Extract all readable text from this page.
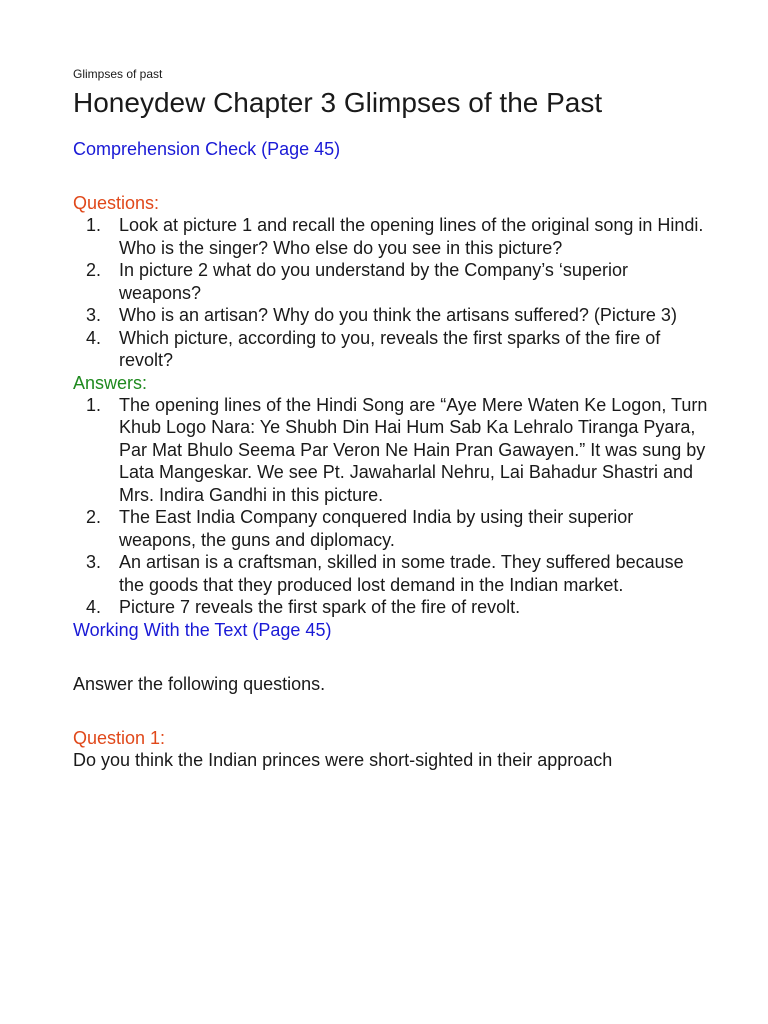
Glimpses of past

Honeydew Chapter 3 Glimpses of the Past

Comprehension Check (Page 45)

Questions:

1. Look at picture 1 and recall the opening lines of the original song in Hindi. Who is the singer? Who else do you see in this picture?
2. In picture 2 what do you understand by the Company’s ‘superior weapons?
3. Who is an artisan? Why do you think the artisans suffered? (Picture 3)
4. Which picture, according to you, reveals the first sparks of the fire of revolt?

Answers:

1. The opening lines of the Hindi Song are “Aye Mere Waten Ke Logon, Turn Khub Logo Nara: Ye Shubh Din Hai Hum Sab Ka Lehralo Tiranga Pyara, Par Mat Bhulo Seema Par Veron Ne Hain Pran Gawayen.” It was sung by Lata Mangeskar. We see Pt. Jawaharlal Nehru, Lai Bahadur Shastri and Mrs. Indira Gandhi in this picture.
2. The East India Company conquered India by using their superior weapons, the guns and diplomacy.
3. An artisan is a craftsman, skilled in some trade. They suffered because the goods that they produced lost demand in the Indian market.
4. Picture 7 reveals the first spark of the fire of revolt.

Working With the Text (Page 45)

Answer the following questions.

Question 1:

Do you think the Indian princes were short-sighted in their approach
